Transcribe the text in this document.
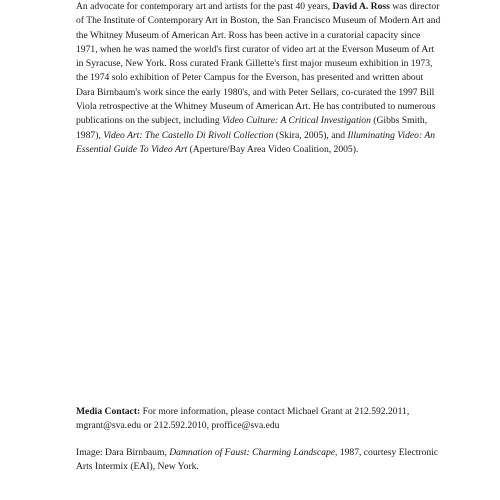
An advocate for contemporary art and artists for the past 40 years, David A. Ross was director
of The Institute of Contemporary Art in Boston, the San Francisco Museum of Modern Art and
the Whitney Museum of American Art. Ross has been active in a curatorial capacity since
1971, when he was named the world's first curator of video art at the Everson Museum of Art
in Syracuse, New York. Ross curated Frank Gillette's first major museum exhibition in 1973,
the 1974 solo exhibition of Peter Campus for the Everson, has presented and written about
Dara Birnbaum's work since the early 1980's, and with Peter Sellars, co-curated the 1997 Bill
Viola retrospective at the Whitney Museum of American Art. He has contributed to numerous
publications on the subject, including Video Culture: A Critical Investigation (Gibbs Smith,
1987), Video Art: The Castello Di Rivoli Collection (Skira, 2005), and Illuminating Video: An
Essential Guide To Video Art (Aperture/Bay Area Video Coalition, 2005).
Media Contact: For more information, please contact Michael Grant at 212.592.2011,
mgrant@sva.edu or 212.592.2010, proffice@sva.edu
Image: Dara Birnbaum, Damnation of Faust: Charming Landscape, 1987, courtesy Electronic
Arts Intermix (EAI), New York.
